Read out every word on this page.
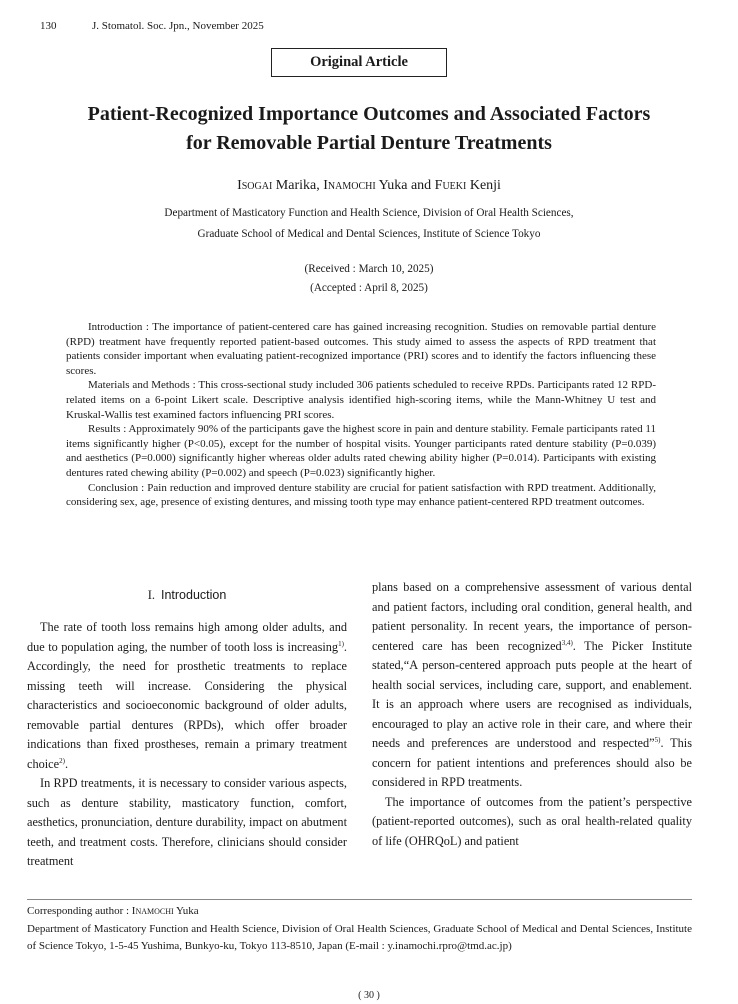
130	J. Stomatol. Soc. Jpn., November 2025
Original Article
Patient-Recognized Importance Outcomes and Associated Factors
for Removable Partial Denture Treatments
Isogai Marika, Inamochi Yuka and Fueki Kenji
Department of Masticatory Function and Health Science, Division of Oral Health Sciences,
Graduate School of Medical and Dental Sciences, Institute of Science Tokyo
(Received : March 10, 2025)
(Accepted : April 8, 2025)

Introduction : The importance of patient-centered care has gained increasing recognition. Studies on removable partial denture (RPD) treatment have frequently reported patient-based outcomes. This study aimed to assess the aspects of RPD treatment that patients consider important when evaluating patient-recognized importance (PRI) scores and to identify the factors influencing these scores.

Materials and Methods : This cross-sectional study included 306 patients scheduled to receive RPDs. Participants rated 12 RPD-related items on a 6-point Likert scale. Descriptive analysis identified high-scoring items, while the Mann-Whitney U test and Kruskal-Wallis test examined factors influencing PRI scores.

Results : Approximately 90% of the participants gave the highest score in pain and denture stability. Female participants rated 11 items significantly higher (P<0.05), except for the number of hospital visits. Younger participants rated denture stability (P=0.039) and aesthetics (P=0.000) significantly higher whereas older adults rated chewing ability higher (P=0.014). Participants with existing dentures rated chewing ability (P=0.002) and speech (P=0.023) significantly higher.

Conclusion : Pain reduction and improved denture stability are crucial for patient satisfaction with RPD treatment. Additionally, considering sex, age, presence of existing dentures, and missing tooth type may enhance patient-centered RPD treatment outcomes.

I. Introduction

The rate of tooth loss remains high among older adults, and due to population aging, the number of tooth loss is increasing$^{1)}$. Accordingly, the need for prosthetic treatments to replace missing teeth will increase. Considering the physical characteristics and socioeconomic background of older adults, removable partial dentures (RPDs), which offer broader indications than fixed prostheses, remain a primary treatment choice$^{2)}$.

In RPD treatments, it is necessary to consider various aspects, such as denture stability, masticatory function, comfort, aesthetics, pronunciation, denture durability, impact on abutment teeth, and treatment costs. Therefore, clinicians should consider treatment

plans based on a comprehensive assessment of various dental and patient factors, including oral condition, general health, and patient personality. In recent years, the importance of person-centered care has been recognized$^{3,4)}$. The Picker Institute stated,“A person-centered approach puts people at the heart of health social services, including care, support, and enablement. It is an approach where users are recognised as individuals, encouraged to play an active role in their care, and where their needs and preferences are understood and respected”$^{5)}$. This concern for patient intentions and preferences should also be considered in RPD treatments.

The importance of outcomes from the patient’s perspective (patient-reported outcomes), such as oral health-related quality of life (OHRQoL) and patient

Corresponding author : Inamochi Yuka

Department of Masticatory Function and Health Science, Division of Oral Health Sciences, Graduate School of Medical and Dental Sciences, Institute of Science Tokyo, 1-5-45 Yushima, Bunkyo-ku, Tokyo 113-8510, Japan (E-mail : y.inamochi.rpro@tmd.ac.jp)

( 30 )
